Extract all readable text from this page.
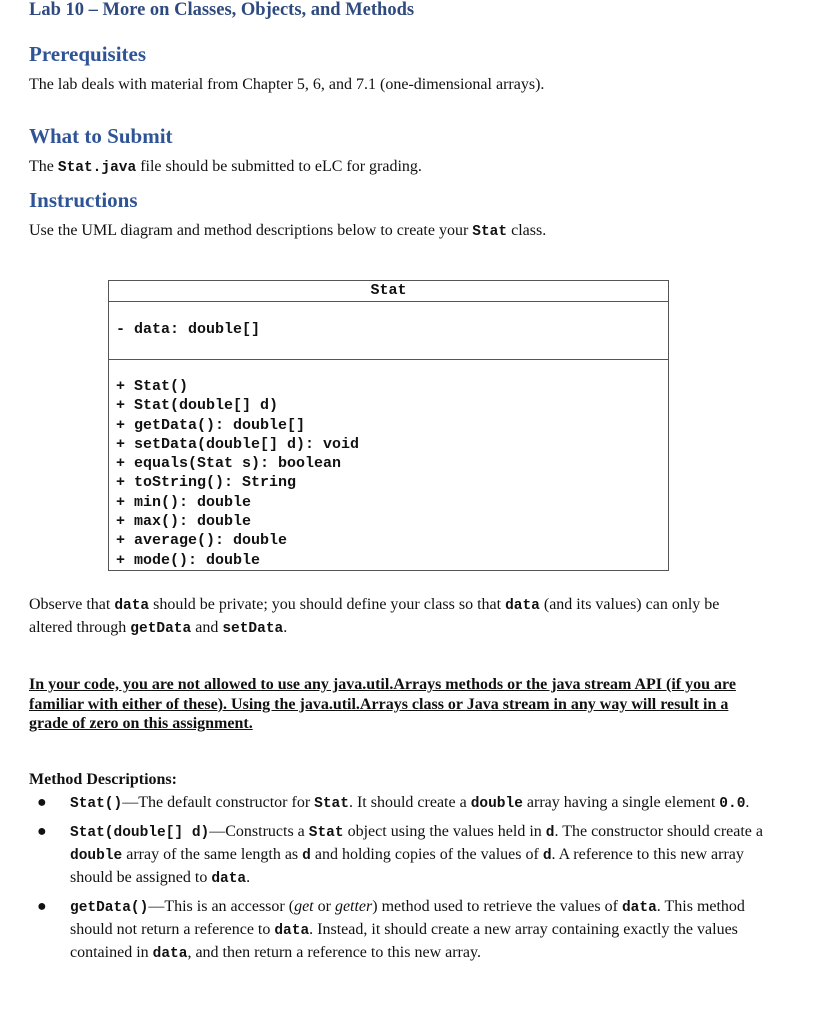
Lab 10 – More on Classes, Objects, and Methods
Prerequisites
The lab deals with material from Chapter 5, 6, and 7.1 (one-dimensional arrays).
What to Submit
The Stat.java file should be submitted to eLC for grading.
Instructions
Use the UML diagram and method descriptions below to create your Stat class.
Stat
- data: double[]
+ Stat()
+ Stat(double[] d)
+ getData(): double[]
+ setData(double[] d): void
+ equals(Stat s): boolean
+ toString(): String
+ min(): double
+ max(): double
+ average(): double
+ mode(): double
Observe that data should be private; you should define your class so that data (and its values) can only be altered through getData and setData.
In your code, you are not allowed to use any java.util.Arrays methods or the java stream API (if you are familiar with either of these). Using the java.util.Arrays class or Java stream in any way will result in a grade of zero on this assignment.
Method Descriptions:
● Stat()—The default constructor for Stat. It should create a double array having a single element 0.0.
● Stat(double[] d)—Constructs a Stat object using the values held in d. The constructor should create a double array of the same length as d and holding copies of the values of d. A reference to this new array should be assigned to data.
● getData()—This is an accessor (get or getter) method used to retrieve the values of data. This method should not return a reference to data. Instead, it should create a new array containing exactly the values contained in data, and then return a reference to this new array.
